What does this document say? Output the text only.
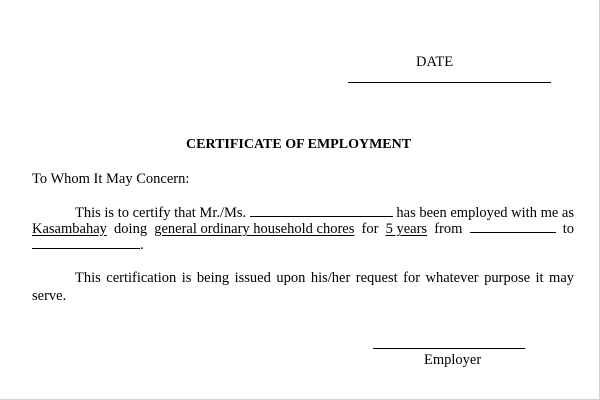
DATE
CERTIFICATE OF EMPLOYMENT
To Whom It May Concern:
This is to certify that Mr./Ms.	has been employed with me as
Kasambahay doing general ordinary household chores for 5 years from	to
.
This certification is being issued upon his/her request for whatever purpose it may
serve.
Employer
